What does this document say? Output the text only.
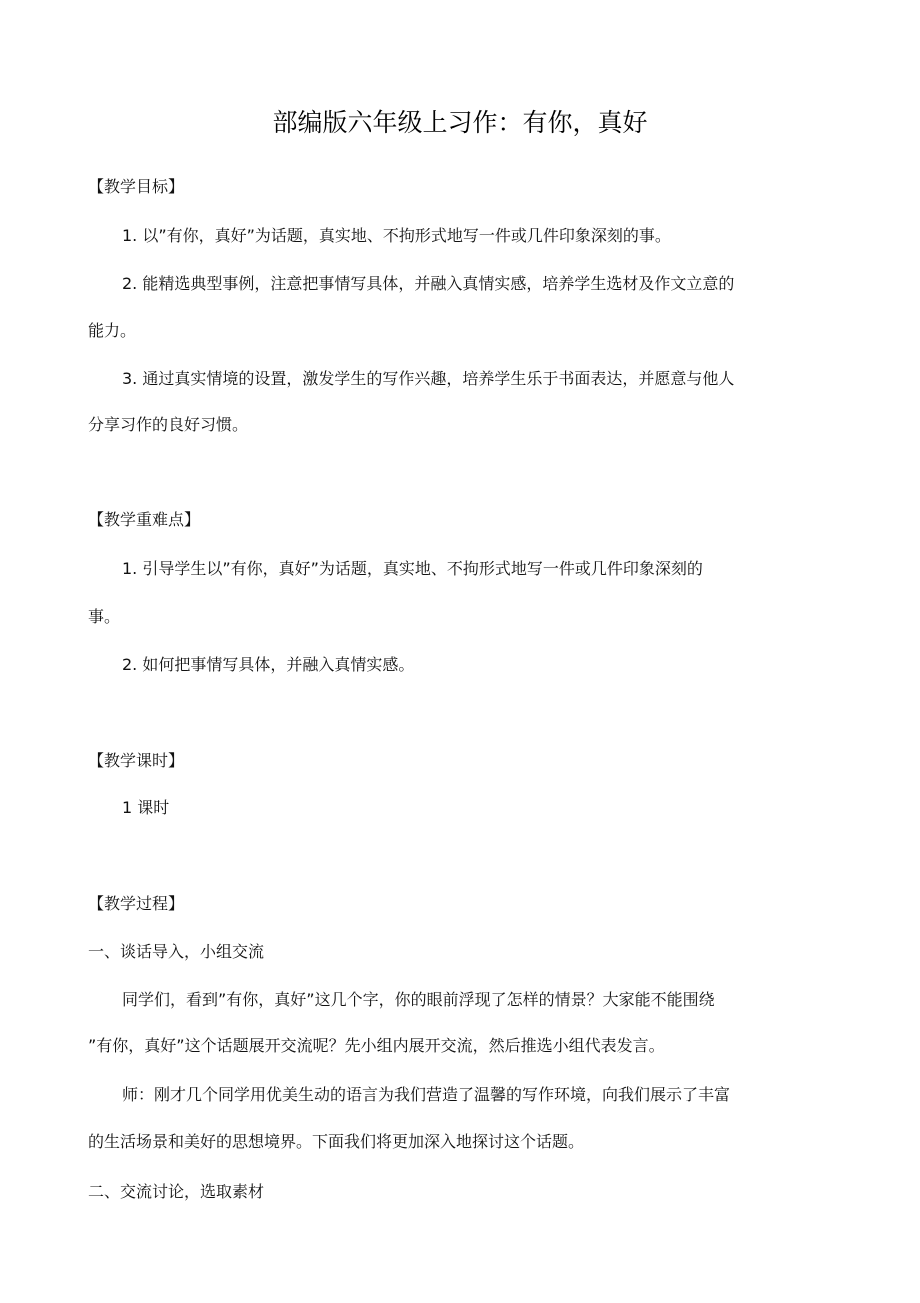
部编版六年级上习作：有你，真好
【教学目标】
1. 以”有你，真好”为话题，真实地、不拘形式地写一件或几件印象深刻的事。
2. 能精选典型事例，注意把事情写具体，并融入真情实感，培养学生选材及作文立意的
能力。
3. 通过真实情境的设置，激发学生的写作兴趣，培养学生乐于书面表达，并愿意与他人
分享习作的良好习惯。
【教学重难点】
1. 引导学生以”有你，真好”为话题，真实地、不拘形式地写一件或几件印象深刻的
事。
2. 如何把事情写具体，并融入真情实感。
【教学课时】
1 课时
【教学过程】
一、谈话导入，小组交流
同学们，看到”有你，真好”这几个字，你的眼前浮现了怎样的情景？大家能不能围绕
”有你，真好”这个话题展开交流呢？先小组内展开交流，然后推选小组代表发言。
师：刚才几个同学用优美生动的语言为我们营造了温馨的写作环境，向我们展示了丰富
的生活场景和美好的思想境界。下面我们将更加深入地探讨这个话题。
二、交流讨论，选取素材
